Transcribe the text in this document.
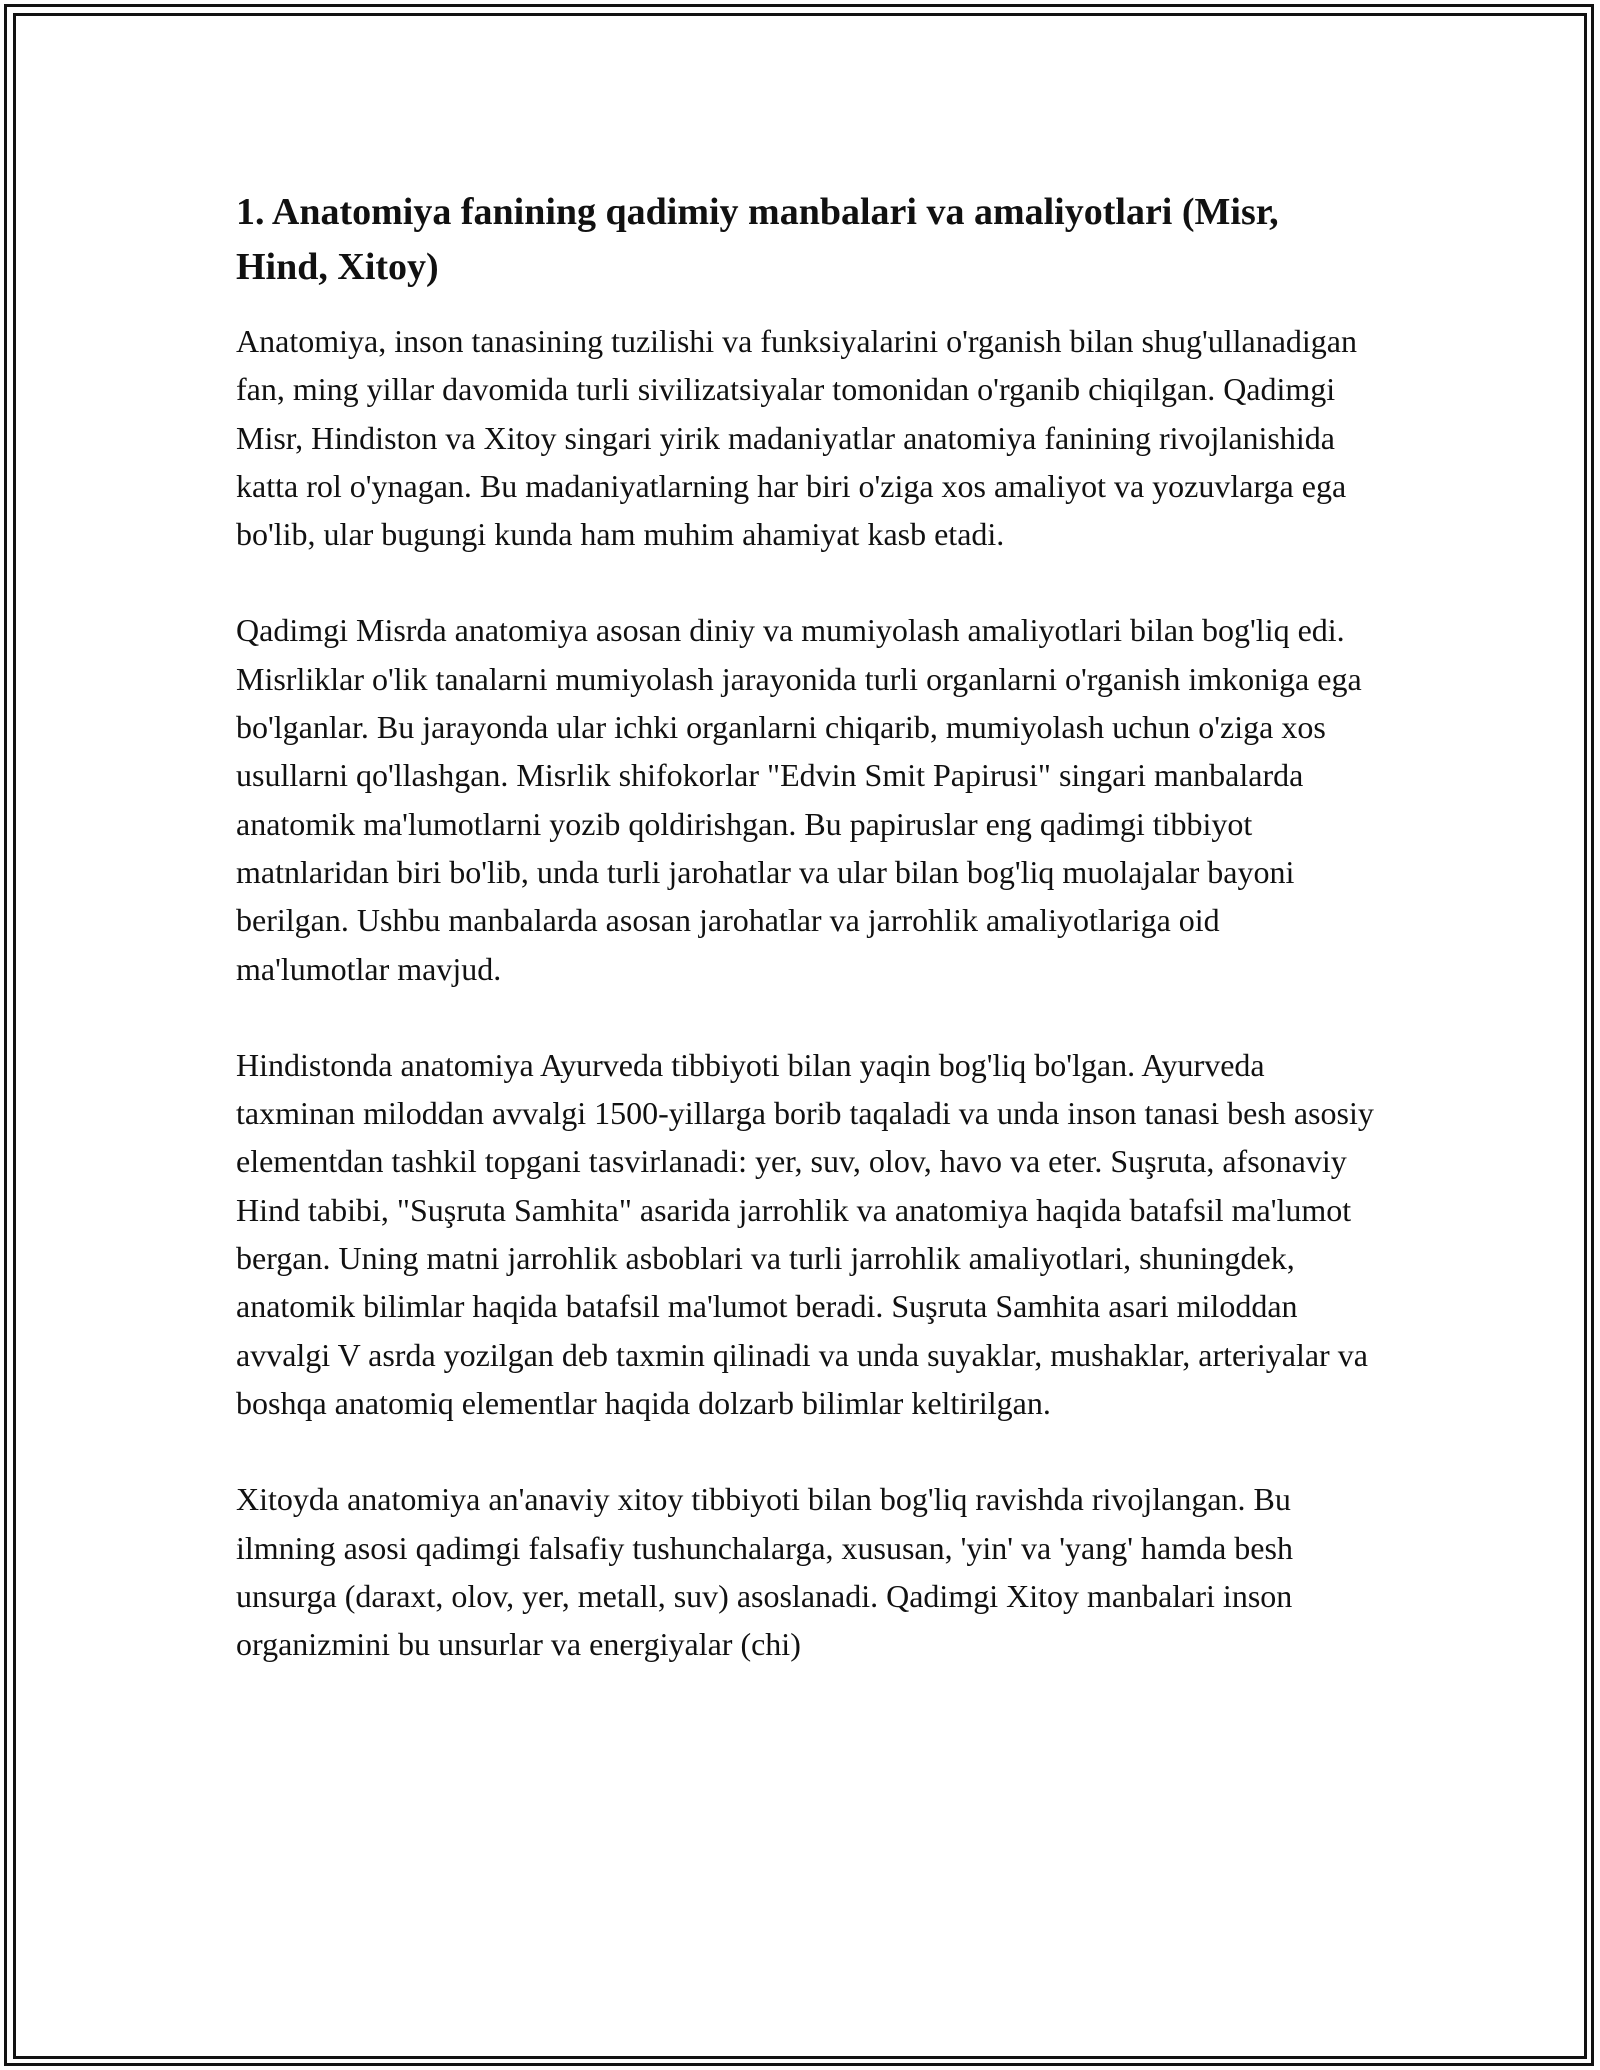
1. Anatomiya fanining qadimiy manbalari va amaliyotlari (Misr, Hind, Xitoy)

Anatomiya, inson tanasining tuzilishi va funksiyalarini o'rganish bilan shug'ullanadigan fan, ming yillar davomida turli sivilizatsiyalar tomonidan o'rganib chiqilgan. Qadimgi Misr, Hindiston va Xitoy singari yirik madaniyatlar anatomiya fanining rivojlanishida katta rol o'ynagan. Bu madaniyatlarning har biri o'ziga xos amaliyot va yozuvlarga ega bo'lib, ular bugungi kunda ham muhim ahamiyat kasb etadi.

Qadimgi Misrda anatomiya asosan diniy va mumiyolash amaliyotlari bilan bog'liq edi. Misrliklar o'lik tanalarni mumiyolash jarayonida turli organlarni o'rganish imkoniga ega bo'lganlar. Bu jarayonda ular ichki organlarni chiqarib, mumiyolash uchun o'ziga xos usullarni qo'llashgan. Misrlik shifokorlar "Edvin Smit Papirusi" singari manbalarda anatomik ma'lumotlarni yozib qoldirishgan. Bu papiruslar eng qadimgi tibbiyot matnlaridan biri bo'lib, unda turli jarohatlar va ular bilan bog'liq muolajalar bayoni berilgan. Ushbu manbalarda asosan jarohatlar va jarrohlik amaliyotlariga oid ma'lumotlar mavjud.

Hindistonda anatomiya Ayurveda tibbiyoti bilan yaqin bog'liq bo'lgan. Ayurveda taxminan miloddan avvalgi 1500-yillarga borib taqaladi va unda inson tanasi besh asosiy elementdan tashkil topgani tasvirlanadi: yer, suv, olov, havo va eter. Suşruta, afsonaviy Hind tabibi, "Suşruta Samhita" asarida jarrohlik va anatomiya haqida batafsil ma'lumot bergan. Uning matni jarrohlik asboblari va turli jarrohlik amaliyotlari, shuningdek, anatomik bilimlar haqida batafsil ma'lumot beradi. Suşruta Samhita asari miloddan avvalgi V asrda yozilgan deb taxmin qilinadi va unda suyaklar, mushaklar, arteriyalar va boshqa anatomiq elementlar haqida dolzarb bilimlar keltirilgan.

Xitoyda anatomiya an'anaviy xitoy tibbiyoti bilan bog'liq ravishda rivojlangan. Bu ilmning asosi qadimgi falsafiy tushunchalarga, xususan, 'yin' va 'yang' hamda besh unsurga (daraxt, olov, yer, metall, suv) asoslanadi. Qadimgi Xitoy manbalari inson organizmini bu unsurlar va energiyalar (chi)
